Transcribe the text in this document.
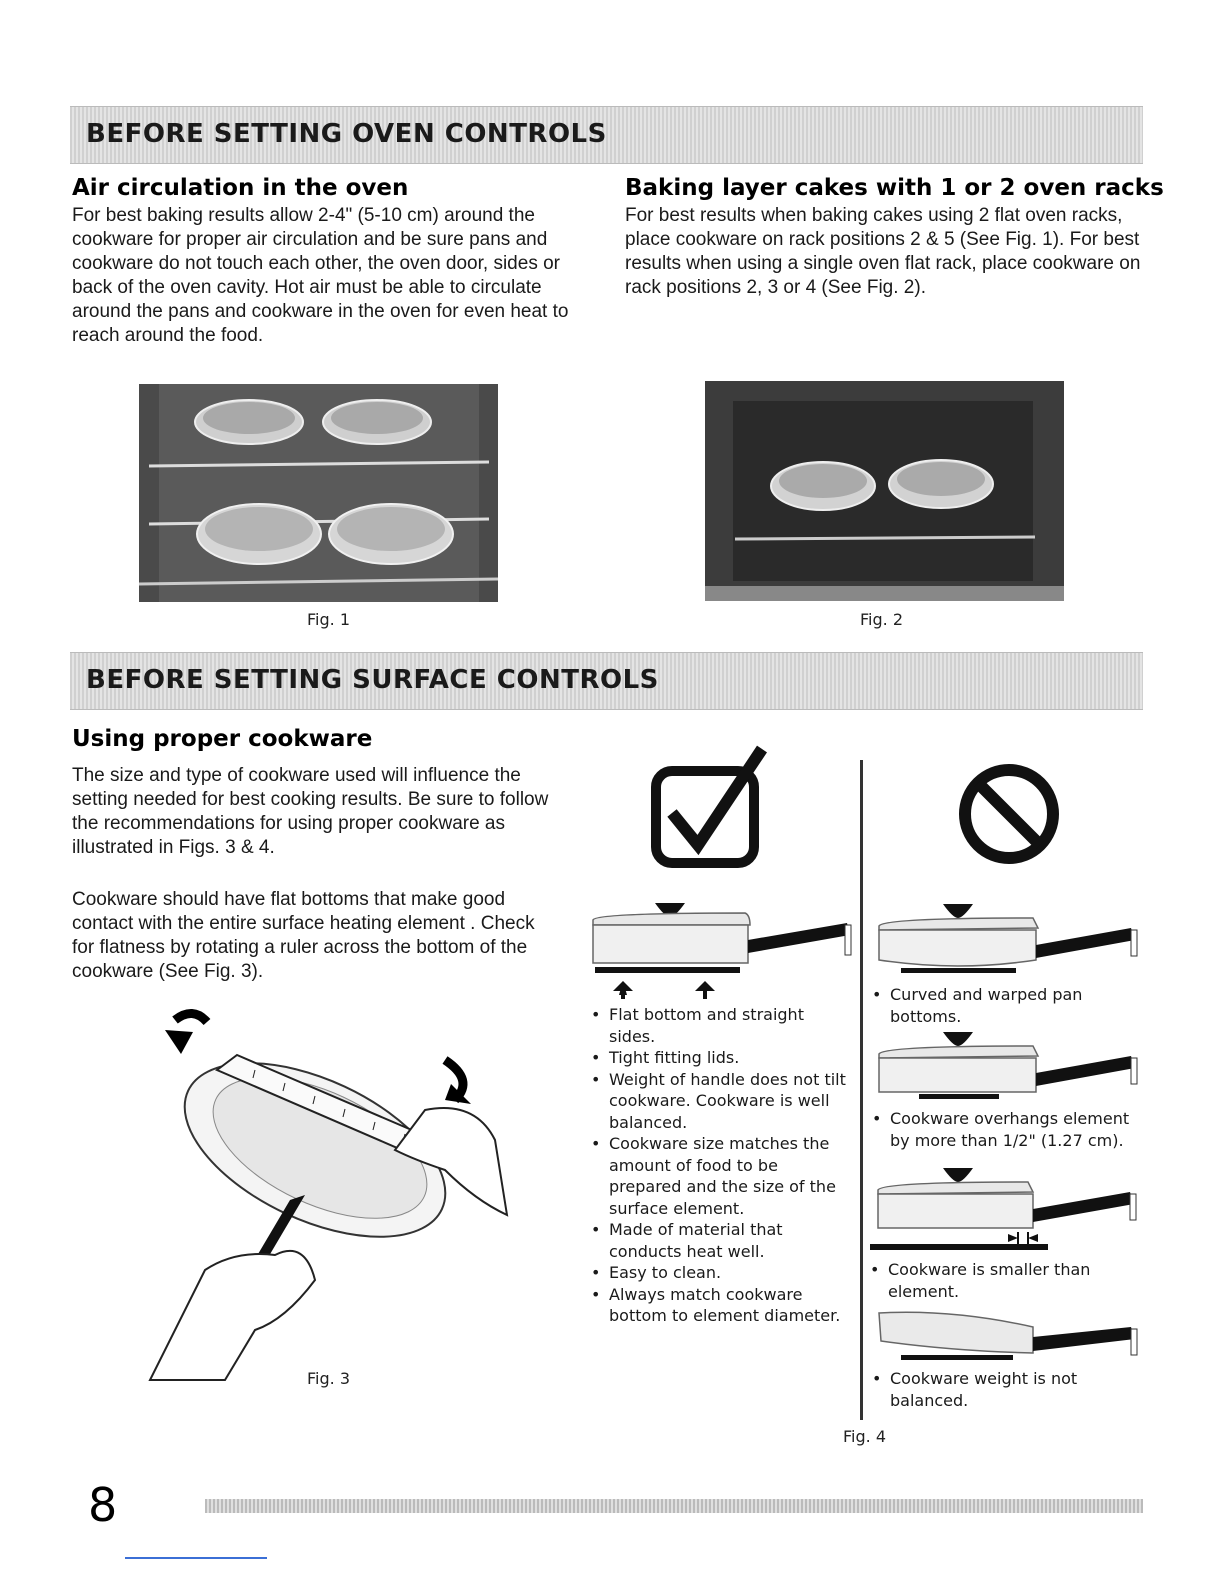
BEFORE SETTING OVEN CONTROLS
Air circulation in the oven

For best baking results allow 2-4" (5-10 cm) around the cookware for proper air circulation and be sure pans and cookware do not touch each other, the oven door, sides or back of the oven cavity. Hot air must be able to circulate around the pans and cookware in the oven for even heat to reach around the food.

Baking layer cakes with 1 or 2 oven racks

For best results when baking cakes using 2 flat oven racks, place cookware on rack positions 2 & 5 (See Fig. 1). For best results when using a single oven flat rack, place cookware on rack positions 2, 3 or 4 (See Fig. 2).

Fig. 1	Fig. 2
BEFORE SETTING SURFACE CONTROLS
Using proper cookware

The size and type of cookware used will influence the setting needed for best cooking results. Be sure to follow the recommendations for using proper cookware as illustrated in Figs. 3 & 4.

Cookware should have flat bottoms that make good contact with the entire surface heating element . Check for flatness by rotating a ruler across the bottom of the cookware (See Fig. 3).

Fig. 3
• Flat bottom and straight sides.
• Tight fitting lids.
• Weight of handle does not tilt cookware. Cookware is well balanced.
• Cookware size matches the amount of food to be prepared and the size of the surface element.
• Made of material that conducts heat well.
• Easy to clean.
• Always match cookware bottom to element diameter.
• Curved and warped pan bottoms.
• Cookware overhangs element by more than 1/2" (1.27 cm).
• Cookware is smaller than element.
• Cookware weight is not balanced.
Fig. 4
8
